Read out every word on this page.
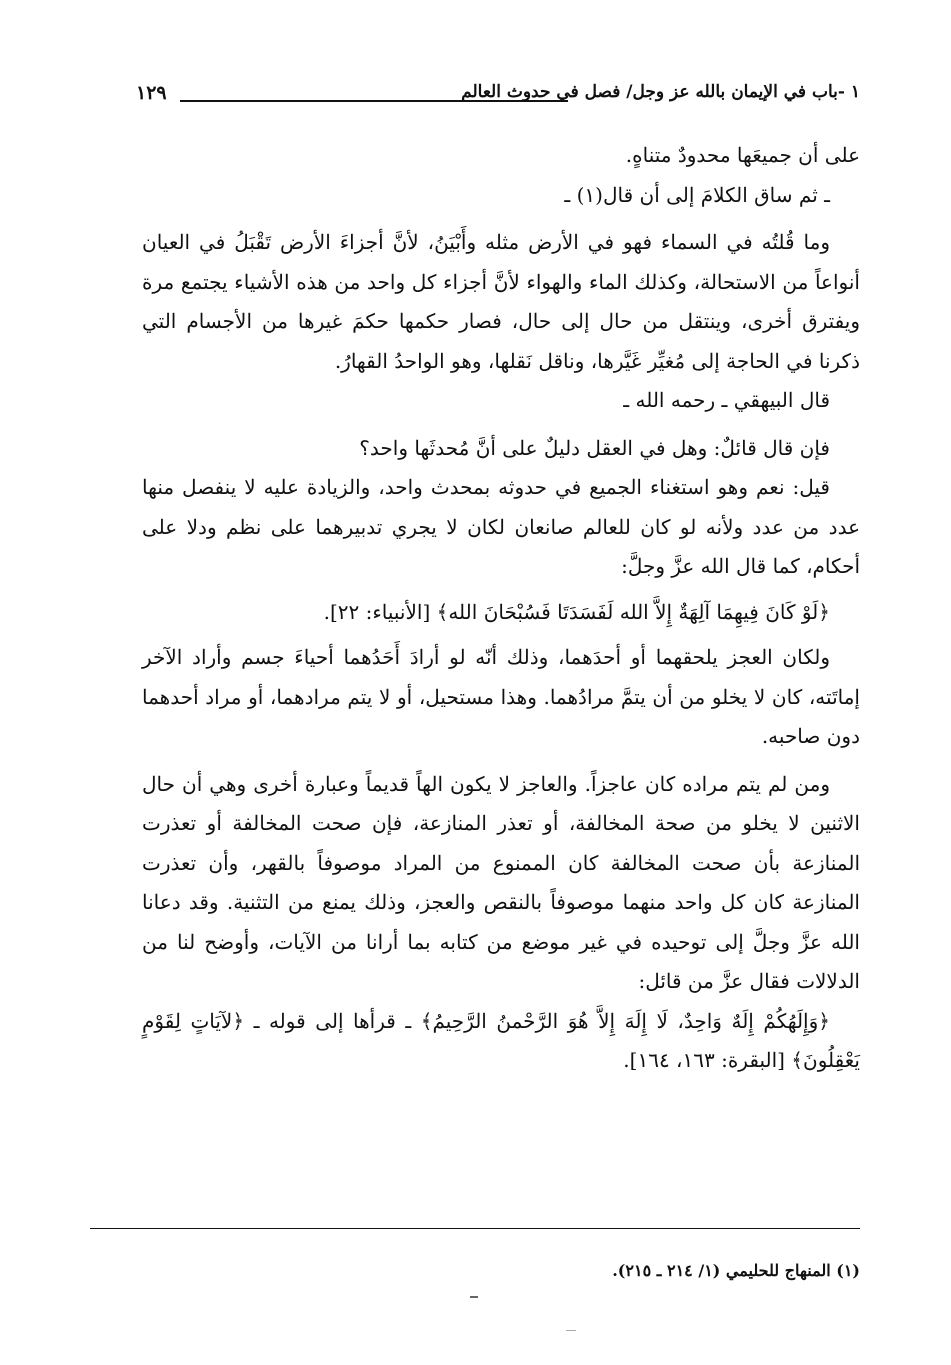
١٢٩	١ -باب في الإيمان بالله عز وجل/ فصل في حدوث العالم

على أن جميعَها محدودٌ متناهٍ.

ـ ثم ساق الكلامَ إلى أن قال(١) ـ

وما قُلتُه في السماء فهو في الأرض مثله وأَبْيَنُ، لأنَّ أجزاءَ الأرض تَقْبَلُ في العيان أنواعاً من الاستحالة، وكذلك الماء والهواء لأنَّ أجزاء كل واحد من هذه الأشياء يجتمع مرة ويفترق أخرى، وينتقل من حال إلى حال، فصار حكمها حكمَ غيرها من الأجسام التي ذكرنا في الحاجة إلى مُغيِّر غَيَّرها، وناقل نَقلها، وهو الواحدُ القهارُ.

قال البيهقي ـ رحمه الله ـ

فإن قال قائلٌ: وهل في العقل دليلٌ على أنَّ مُحدثَها واحد؟

قيل: نعم وهو استغناء الجميع في حدوثه بمحدث واحد، والزيادة عليه لا ينفصل منها عدد من عدد ولأنه لو كان للعالم صانعان لكان لا يجري تدبيرهما على نظم ودلا على أحكام، كما قال الله عزَّ وجلَّ:

﴿لَوْ كَانَ فِيهِمَا آلِهَةٌ إِلاَّ الله لَفَسَدَتَا فَسُبْحَانَ الله﴾ [الأنبياء: ٢٢].

ولكان العجز يلحقهما أو أحدَهما، وذلك أنّه لو أرادَ أَحَدُهما أحياءَ جسم وأراد الآخر إماتَته، كان لا يخلو من أن يتمَّ مرادُهما. وهذا مستحيل، أو لا يتم مرادهما، أو مراد أحدهما دون صاحبه.

ومن لم يتم مراده كان عاجزاً. والعاجز لا يكون الهاً قديماً وعبارة أخرى وهي أن حال الاثنين لا يخلو من صحة المخالفة، أو تعذر المنازعة، فإن صحت المخالفة أو تعذرت المنازعة بأن صحت المخالفة كان الممنوع من المراد موصوفاً بالقهر، وأن تعذرت المنازعة كان كل واحد منهما موصوفاً بالنقص والعجز، وذلك يمنع من التثنية. وقد دعانا الله عزَّ وجلَّ إلى توحيده في غير موضع من كتابه بما أرانا من الآيات، وأوضح لنا من الدلالات فقال عزَّ من قائل:

﴿وَإِلَهُكُمْ إِلَهٌ وَاحِدٌ، لَا إِلَهَ إِلاَّ هُوَ الرَّحْمنُ الرَّحِيمُ﴾ ـ قرأها إلى قوله ـ ﴿لآيَاتٍ لِقَوْمٍ يَعْقِلُونَ﴾ [البقرة: ١٦٣، ١٦٤].

(١) المنهاج للحليمي (١/ ٢١٤ ـ ٢١٥).
